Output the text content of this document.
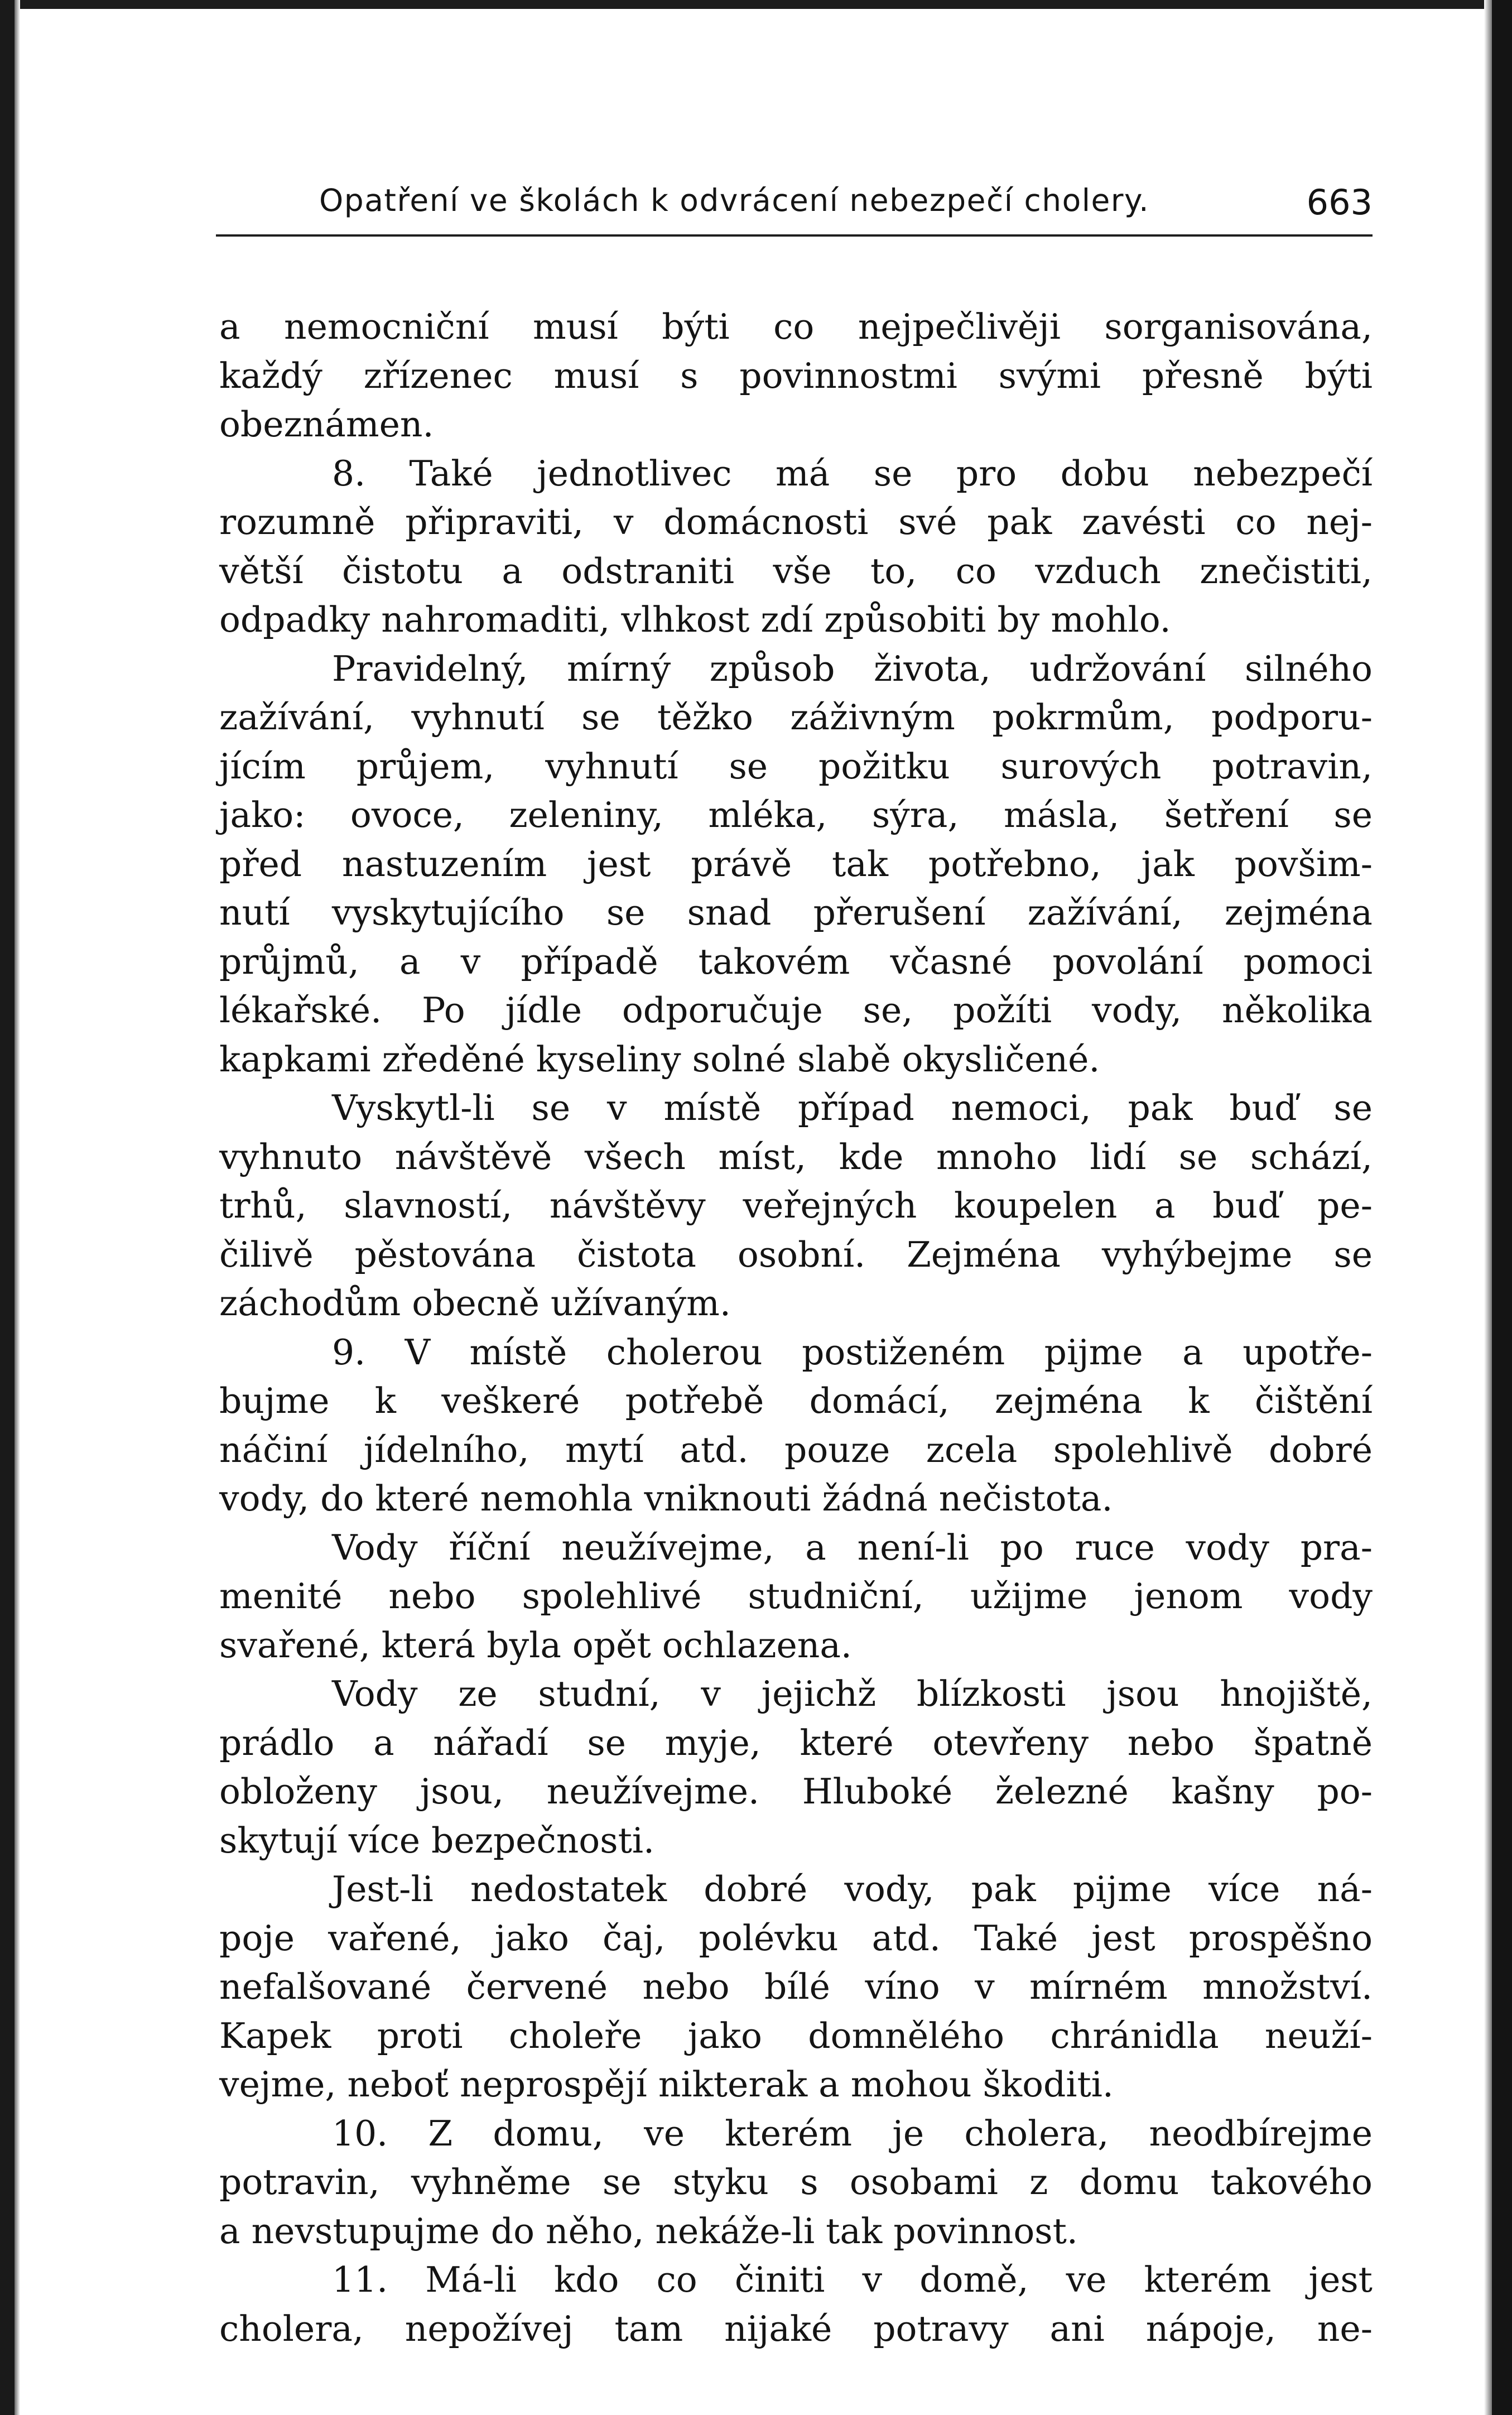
Opatření ve školách k odvrácení nebezpečí cholery.	663
a nemocniční musí býti co nejpečlivěji sorganisována,
každý zřízenec musí s povinnostmi svými přesně býti
obeznámen.
8. Také jednotlivec má se pro dobu nebezpečí
rozumně připraviti, v domácnosti své pak zavésti co nej-
větší čistotu a odstraniti vše to, co vzduch znečistiti,
odpadky nahromaditi, vlhkost zdí způsobiti by mohlo.
Pravidelný, mírný způsob života, udržování silného
zažívání, vyhnutí se těžko záživným pokrmům, podporu-
jícím průjem, vyhnutí se požitku surových potravin,
jako: ovoce, zeleniny, mléka, sýra, másla, šetření se
před nastuzením jest právě tak potřebno, jak povšim-
nutí vyskytujícího se snad přerušení zažívání, zejména
průjmů, a v případě takovém včasné povolání pomoci
lékařské. Po jídle odporučuje se, požíti vody, několika
kapkami zředěné kyseliny solné slabě okysličené.
Vyskytl-li se v místě případ nemoci, pak buď se
vyhnuto návštěvě všech míst, kde mnoho lidí se schází,
trhů, slavností, návštěvy veřejných koupelen a buď pe-
čilivě pěstována čistota osobní. Zejména vyhýbejme se
záchodům obecně užívaným.
9. V místě cholerou postiženém pijme a upotře-
bujme k veškeré potřebě domácí, zejména k čištění
náčiní jídelního, mytí atd. pouze zcela spolehlivě dobré
vody, do které nemohla vniknouti žádná nečistota.
Vody říční neužívejme, a není-li po ruce vody pra-
menité nebo spolehlivé studniční, užijme jenom vody
svařené, která byla opět ochlazena.
Vody ze studní, v jejichž blízkosti jsou hnojiště,
prádlo a nářadí se myje, které otevřeny nebo špatně
obloženy jsou, neužívejme. Hluboké železné kašny po-
skytují více bezpečnosti.
Jest-li nedostatek dobré vody, pak pijme více ná-
poje vařené, jako čaj, polévku atd. Také jest prospěšno
nefalšované červené nebo bílé víno v mírném množství.
Kapek proti choleře jako domnělého chránidla neuží-
vejme, neboť neprospějí nikterak a mohou škoditi.
10. Z domu, ve kterém je cholera, neodbírejme
potravin, vyhněme se styku s osobami z domu takového
a nevstupujme do něho, nekáže-li tak povinnost.
11. Má-li kdo co činiti v domě, ve kterém jest
cholera, nepožívej tam nijaké potravy ani nápoje, ne-
